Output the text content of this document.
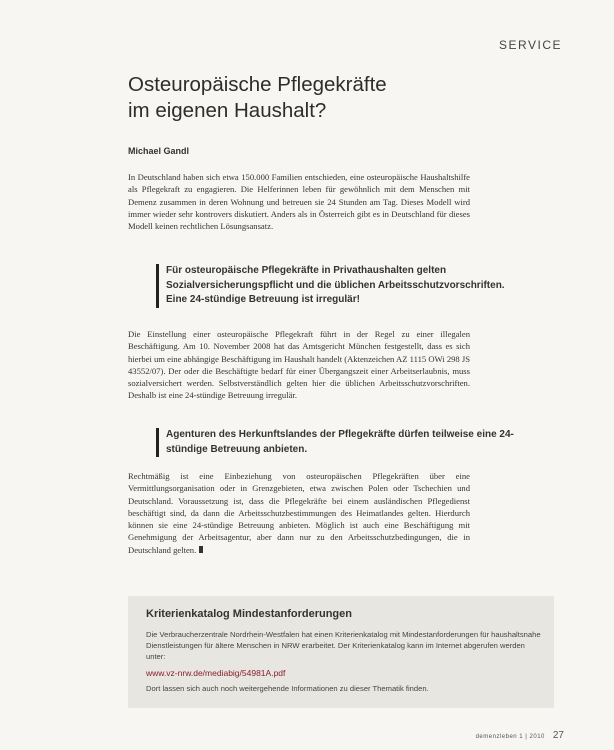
SERVICE
Osteuropäische Pflegekräfte
im eigenen Haushalt?
Michael Gandl

In Deutschland haben sich etwa 150.000 Familien entschieden, eine osteuropäische Haushaltshilfe als Pflegekraft zu engagieren. Die Helferinnen leben für gewöhnlich mit dem Menschen mit Demenz zusammen in deren Wohnung und betreuen sie 24 Stunden am Tag. Dieses Modell wird immer wieder sehr kontrovers diskutiert. Anders als in Österreich gibt es in Deutschland für dieses Modell keinen rechtlichen Lösungsansatz.

Für osteuropäische Pflegekräfte in Privathaushalten gelten Sozialversicherungspflicht und die üblichen Arbeitsschutzvorschriften. Eine 24-stündige Betreuung ist irregulär!

Die Einstellung einer osteuropäische Pflegekraft führt in der Regel zu einer illegalen Beschäftigung. Am 10. November 2008 hat das Amtsgericht München festgestellt, dass es sich hierbei um eine abhängige Beschäftigung im Haushalt handelt (Aktenzeichen AZ 1115 OWi 298 JS 43552/07). Der oder die Beschäftigte bedarf für einer Übergangszeit einer Arbeitserlaubnis, muss sozialversichert werden. Selbstverständlich gelten hier die üblichen Arbeitsschutzvorschriften. Deshalb ist eine 24-stündige Betreuung irregulär.

Agenturen des Herkunftslandes der Pflegekräfte dürfen teilweise eine 24-stündige Betreuung anbieten.

Rechtmäßig ist eine Einbeziehung von osteuropäischen Pflegekräften über eine Vermittlungsorganisation oder in Grenzgebieten, etwa zwischen Polen oder Tschechien und Deutschland. Voraussetzung ist, dass die Pflegekräfte bei einem ausländischen Pflegedienst beschäftigt sind, da dann die Arbeitsschutzbestimmungen des Heimatlandes gelten. Hierdurch können sie eine 24-stündige Betreuung anbieten. Möglich ist auch eine Beschäftigung mit Genehmigung der Arbeitsagentur, aber dann nur zu den Arbeitsschutzbedingungen, die in Deutschland gelten.

Kriterienkatalog Mindestanforderungen
Die Verbraucherzentrale Nordrhein-Westfalen hat einen Kriterienkatalog mit Mindestanforderungen für haushaltsnahe Dienstleistungen für ältere Menschen in NRW erarbeitet. Der Kriterienkatalog kann im Internet abgerufen werden unter:
www.vz-nrw.de/mediabig/54981A.pdf
Dort lassen sich auch noch weitergehende Informationen zu dieser Thematik finden.
demenzleben 1 | 2010 27
